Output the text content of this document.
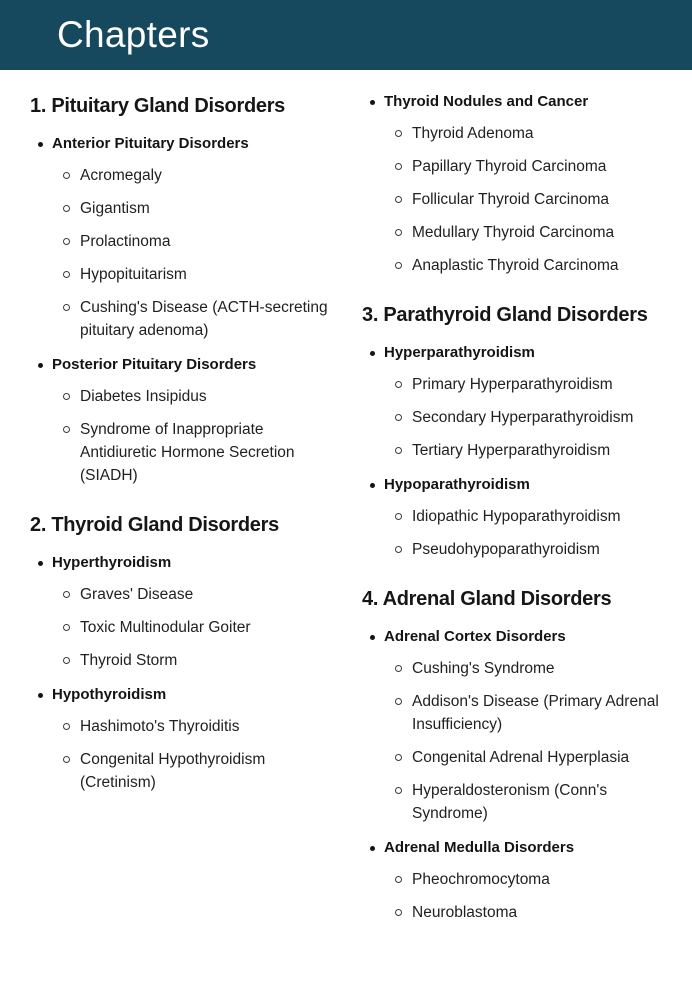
Chapters
1. Pituitary Gland Disorders
Anterior Pituitary Disorders
Acromegaly
Gigantism
Prolactinoma
Hypopituitarism
Cushing's Disease (ACTH-secreting pituitary adenoma)
Posterior Pituitary Disorders
Diabetes Insipidus
Syndrome of Inappropriate Antidiuretic Hormone Secretion (SIADH)
2. Thyroid Gland Disorders
Hyperthyroidism
Graves' Disease
Toxic Multinodular Goiter
Thyroid Storm
Hypothyroidism
Hashimoto's Thyroiditis
Congenital Hypothyroidism (Cretinism)
Thyroid Nodules and Cancer
Thyroid Adenoma
Papillary Thyroid Carcinoma
Follicular Thyroid Carcinoma
Medullary Thyroid Carcinoma
Anaplastic Thyroid Carcinoma
3. Parathyroid Gland Disorders
Hyperparathyroidism
Primary Hyperparathyroidism
Secondary Hyperparathyroidism
Tertiary Hyperparathyroidism
Hypoparathyroidism
Idiopathic Hypoparathyroidism
Pseudohypoparathyroidism
4. Adrenal Gland Disorders
Adrenal Cortex Disorders
Cushing's Syndrome
Addison's Disease (Primary Adrenal Insufficiency)
Congenital Adrenal Hyperplasia
Hyperaldosteronism (Conn's Syndrome)
Adrenal Medulla Disorders
Pheochromocytoma
Neuroblastoma
